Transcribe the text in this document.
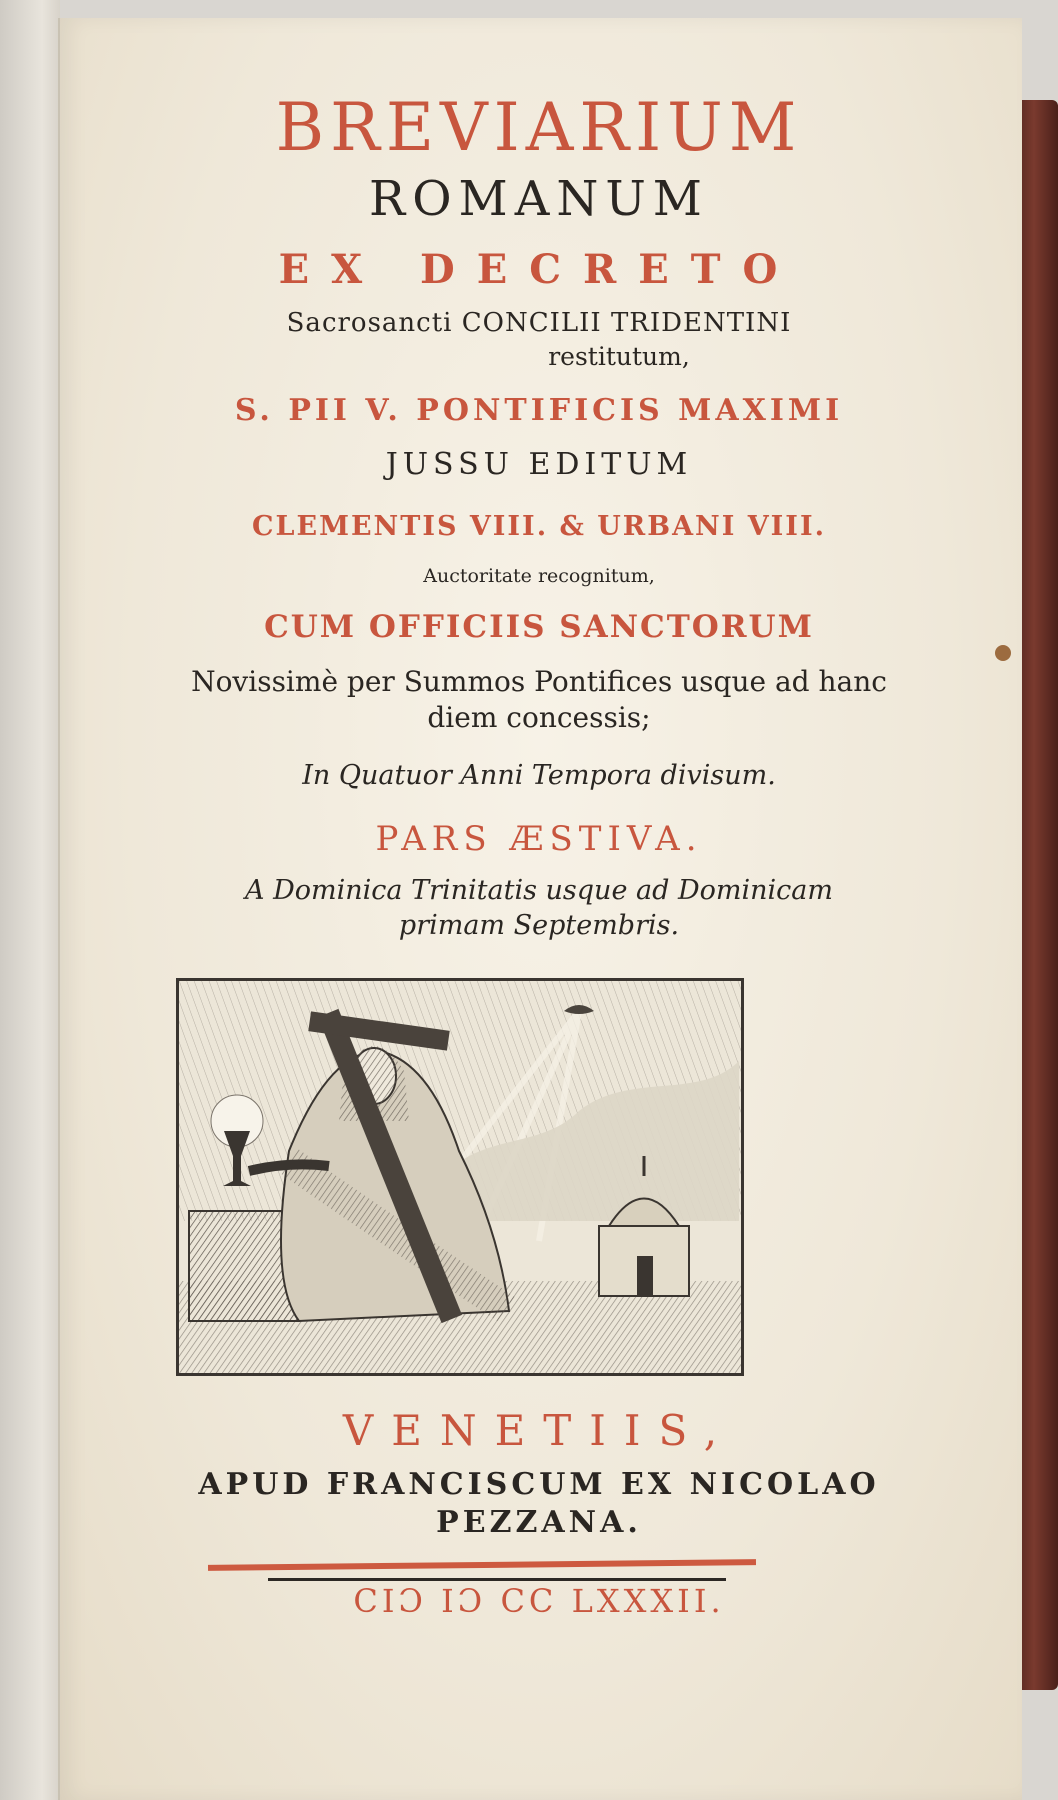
BREVIARIUM
ROMANUM
EX DECRETO
Sacrosancti CONCILII TRIDENTINI
restitutum,
S. PII V. PONTIFICIS MAXIMI
JUSSU EDITUM
CLEMENTIS VIII. & URBANI VIII.
Auctoritate recognitum,
CUM OFFICIIS SANCTORUM
Novissimè per Summos Pontifices usque ad hanc
diem concessis;
In Quatuor Anni Tempora divisum.
PARS ÆSTIVA.
A Dominica Trinitatis usque ad Dominicam
primam Septembris.
VENETIIS,
APUD FRANCISCUM EX NICOLAO
PEZZANA.
CIƆ IƆ CC LXXXII.
